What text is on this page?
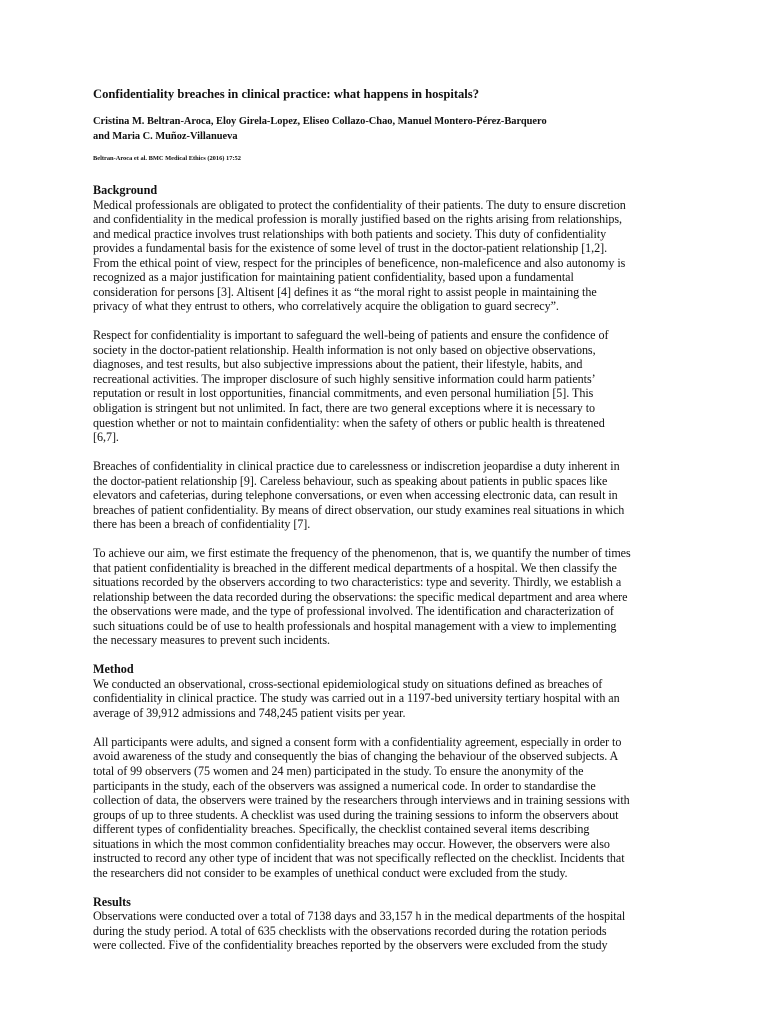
Confidentiality breaches in clinical practice: what happens in hospitals?
Cristina M. Beltran-Aroca, Eloy Girela-Lopez, Eliseo Collazo-Chao, Manuel Montero-Pérez-Barquero
and Maria C. Muñoz-Villanueva
Beltran-Aroca et al. BMC Medical Ethics (2016) 17:52
Background
Medical professionals are obligated to protect the confidentiality of their patients. The duty to ensure discretion
and confidentiality in the medical profession is morally justified based on the rights arising from relationships,
and medical practice involves trust relationships with both patients and society. This duty of confidentiality
provides a fundamental basis for the existence of some level of trust in the doctor-patient relationship [1,2].
From the ethical point of view, respect for the principles of beneficence, non-maleficence and also autonomy is
recognized as a major justification for maintaining patient confidentiality, based upon a fundamental
consideration for persons [3]. Altisent [4] defines it as “the moral right to assist people in maintaining the
privacy of what they entrust to others, who correlatively acquire the obligation to guard secrecy”.
Respect for confidentiality is important to safeguard the well-being of patients and ensure the confidence of
society in the doctor-patient relationship. Health information is not only based on objective observations,
diagnoses, and test results, but also subjective impressions about the patient, their lifestyle, habits, and
recreational activities. The improper disclosure of such highly sensitive information could harm patients’
reputation or result in lost opportunities, financial commitments, and even personal humiliation [5]. This
obligation is stringent but not unlimited. In fact, there are two general exceptions where it is necessary to
question whether or not to maintain confidentiality: when the safety of others or public health is threatened
[6,7].
Breaches of confidentiality in clinical practice due to carelessness or indiscretion jeopardise a duty inherent in
the doctor-patient relationship [9]. Careless behaviour, such as speaking about patients in public spaces like
elevators and cafeterias, during telephone conversations, or even when accessing electronic data, can result in
breaches of patient confidentiality. By means of direct observation, our study examines real situations in which
there has been a breach of confidentiality [7].
To achieve our aim, we first estimate the frequency of the phenomenon, that is, we quantify the number of times
that patient confidentiality is breached in the different medical departments of a hospital. We then classify the
situations recorded by the observers according to two characteristics: type and severity. Thirdly, we establish a
relationship between the data recorded during the observations: the specific medical department and area where
the observations were made, and the type of professional involved. The identification and characterization of
such situations could be of use to health professionals and hospital management with a view to implementing
the necessary measures to prevent such incidents.
Method
We conducted an observational, cross-sectional epidemiological study on situations defined as breaches of
confidentiality in clinical practice. The study was carried out in a 1197-bed university tertiary hospital with an
average of 39,912 admissions and 748,245 patient visits per year.
All participants were adults, and signed a consent form with a confidentiality agreement, especially in order to
avoid awareness of the study and consequently the bias of changing the behaviour of the observed subjects. A
total of 99 observers (75 women and 24 men) participated in the study. To ensure the anonymity of the
participants in the study, each of the observers was assigned a numerical code. In order to standardise the
collection of data, the observers were trained by the researchers through interviews and in training sessions with
groups of up to three students. A checklist was used during the training sessions to inform the observers about
different types of confidentiality breaches. Specifically, the checklist contained several items describing
situations in which the most common confidentiality breaches may occur. However, the observers were also
instructed to record any other type of incident that was not specifically reflected on the checklist. Incidents that
the researchers did not consider to be examples of unethical conduct were excluded from the study.
Results
Observations were conducted over a total of 7138 days and 33,157 h in the medical departments of the hospital
during the study period. A total of 635 checklists with the observations recorded during the rotation periods
were collected. Five of the confidentiality breaches reported by the observers were excluded from the study
